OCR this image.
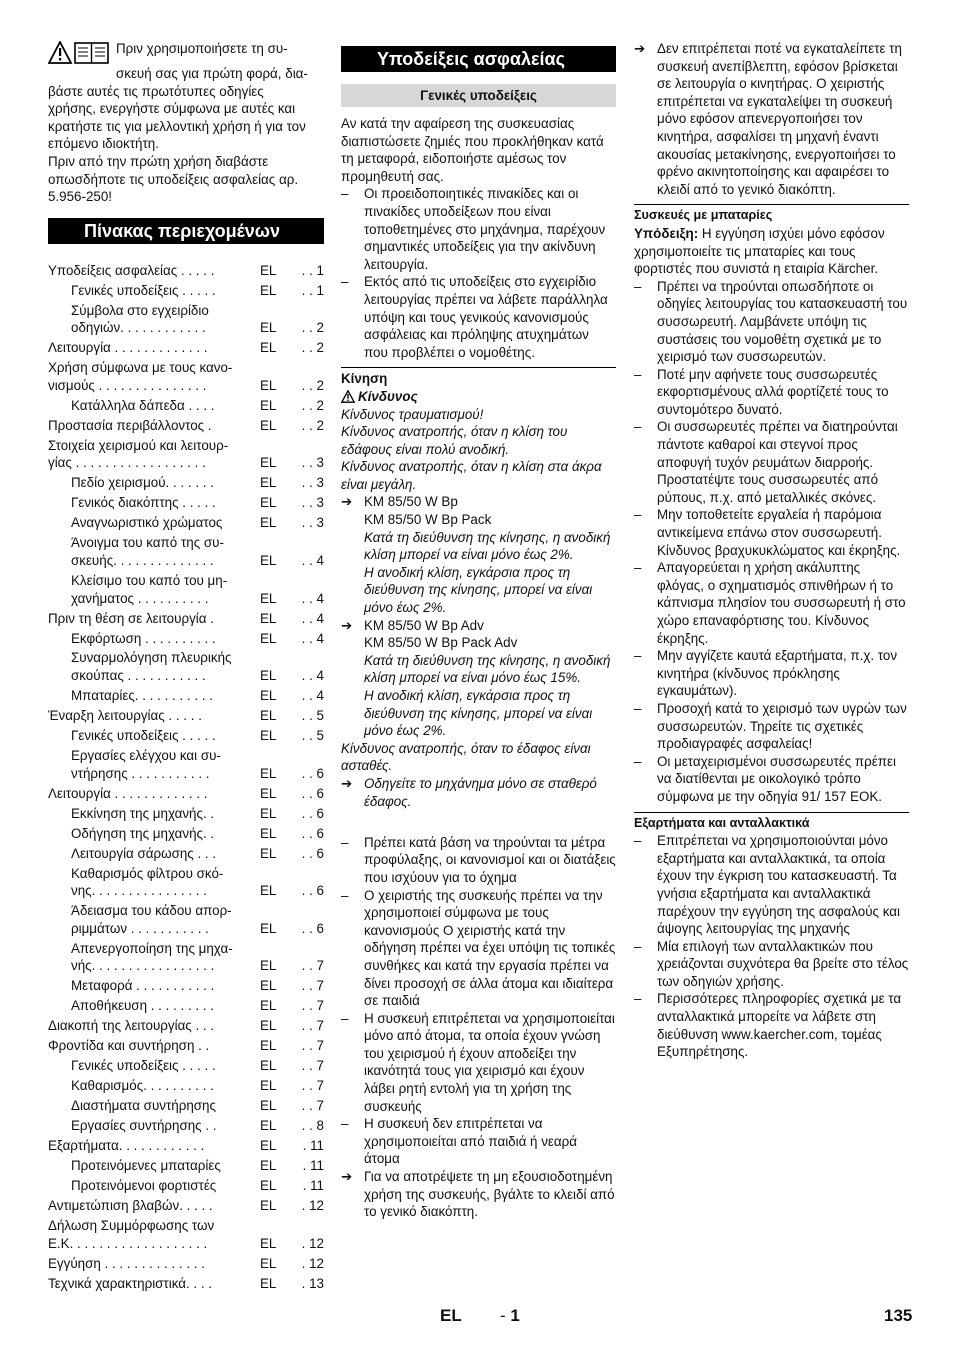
Πριν χρησιμοποιήσετε τη συ-

σκευή σας για πρώτη φορά, δια-

βάστε αυτές τις πρωτότυπες οδηγίες

χρήσης, ενεργήστε σύμφωνα με αυτές και

κρατήστε τις για μελλοντική χρήση ή για τον

επόμενο ιδιοκτήτη.

Πριν από την πρώτη χρήση διαβάστε

οπωσδήποτε τις υποδείξεις ασφαλείας αρ.

5.956-250!

Πίνακας περιεχομένων
Υποδείξεις ασφαλείας . . . . .	EL	. . 1
Γενικές υποδείξεις . . . . .	EL	. . 1
Σύμβολα στο εγχειρίδιο
οδηγιών. . . . . . . . . . . .	EL	. . 2
Λειτουργία . . . . . . . . . . . . .	EL	. . 2
Χρήση σύμφωνα με τους κανο-
νισμούς . . . . . . . . . . . . . . .	EL	. . 2
Κατάλληλα δάπεδα . . . .	EL	. . 2
Προστασία περιβάλλοντος .	EL	. . 2
Στοιχεία χειρισμού και λειτουρ-
γίας . . . . . . . . . . . . . . . . . .	EL	. . 3
Πεδίο χειρισμού. . . . . . .	EL	. . 3
Γενικός διακόπτης . . . . .	EL	. . 3
Αναγνωριστικό χρώματος	EL	. . 3
Άνοιγμα του καπό της συ-
σκευής. . . . . . . . . . . . . .	EL	. . 4
Κλείσιμο του καπό του μη-
χανήματος . . . . . . . . . .	EL	. . 4
Πριν τη θέση σε λειτουργία .	EL	. . 4
Εκφόρτωση . . . . . . . . . .	EL	. . 4
Συναρμολόγηση πλευρικής
σκούπας . . . . . . . . . . .	EL	. . 4
Μπαταρίες. . . . . . . . . . .	EL	. . 4
Έναρξη λειτουργίας . . . . .	EL	. . 5
Γενικές υποδείξεις . . . . .	EL	. . 5
Εργασίες ελέγχου και συ-
ντήρησης . . . . . . . . . . .	EL	. . 6
Λειτουργία . . . . . . . . . . . . .	EL	. . 6
Εκκίνηση της μηχανής. .	EL	. . 6
Οδήγηση της μηχανής. .	EL	. . 6
Λειτουργία σάρωσης . . .	EL	. . 6
Καθαρισμός φίλτρου σκό-
νης. . . . . . . . . . . . . . . .	EL	. . 6
Άδειασμα του κάδου απορ-
ριμμάτων . . . . . . . . . . .	EL	. . 6
Απενεργοποίηση της μηχα-
νής. . . . . . . . . . . . . . . . .	EL	. . 7
Μεταφορά . . . . . . . . . . .	EL	. . 7
Αποθήκευση . . . . . . . . .	EL	. . 7
Διακοπή της λειτουργίας . . .	EL	. . 7
Φροντίδα και συντήρηση . .	EL	. . 7
Γενικές υποδείξεις . . . . .	EL	. . 7
Καθαρισμός. . . . . . . . . .	EL	. . 7
Διαστήματα συντήρησης	EL	. . 7
Εργασίες συντήρησης . .	EL	. . 8
Εξαρτήματα. . . . . . . . . . . .	EL	. 11
Προτεινόμενες μπαταρίες	EL	. 11
Προτεινόμενοι φορτιστές	EL	. 11
Αντιμετώπιση βλαβών. . . . .	EL	. 12
Δήλωση Συμμόρφωσης των
Ε.Κ. . . . . . . . . . . . . . . . . . .	EL	. 12
Εγγύηση . . . . . . . . . . . . . .	EL	. 12
Τεχνικά χαρακτηριστικά. . . .	EL	. 13
Υποδείξεις ασφαλείας
Γενικές υποδείξεις

Αν κατά την αφαίρεση της συσκευασίας διαπιστώσετε ζημιές που προκλήθηκαν κατά τη μεταφορά, ειδοποιήστε αμέσως τον προμηθευτή σας.

– Οι προειδοποιητικές πινακίδες και οι πινακίδες υποδείξεων που είναι τοποθετημένες στο μηχάνημα, παρέχουν σημαντικές υποδείξεις για την ακίνδυνη λειτουργία.
– Εκτός από τις υποδείξεις στο εγχειρίδιο λειτουργίας πρέπει να λάβετε παράλληλα υπόψη και τους γενικούς κανονισμούς ασφάλειας και πρόληψης ατυχημάτων που προβλέπει ο νομοθέτης.

Κίνηση

Κίνδυνος

Κίνδυνος τραυματισμού!

Κίνδυνος ανατροπής, όταν η κλίση του εδάφους είναι πολύ ανοδική.

Κίνδυνος ανατροπής, όταν η κλίση στα άκρα είναι μεγάλη.

➔ KM 85/50 W Bp

KM 85/50 W Bp Pack

Κατά τη διεύθυνση της κίνησης, η ανοδική κλίση μπορεί να είναι μόνο έως 2%.

Η ανοδική κλίση, εγκάρσια προς τη διεύθυνση της κίνησης, μπορεί να είναι μόνο έως 2%.

➔ KM 85/50 W Bp Adv

KM 85/50 W Bp Pack Adv

Κατά τη διεύθυνση της κίνησης, η ανοδική κλίση μπορεί να είναι μόνο έως 15%.

Η ανοδική κλίση, εγκάρσια προς τη διεύθυνση της κίνησης, μπορεί να είναι μόνο έως 2%.

Κίνδυνος ανατροπής, όταν το έδαφος είναι ασταθές.

➔ Οδηγείτε το μηχάνημα μόνο σε σταθερό έδαφος.
– Πρέπει κατά βάση να τηρούνται τα μέτρα προφύλαξης, οι κανονισμοί και οι διατάξεις που ισχύουν για το όχημα
– Ο χειριστής της συσκευής πρέπει να την χρησιμοποιεί σύμφωνα με τους κανονισμούς Ο χειριστής κατά την οδήγηση πρέπει να έχει υπόψη τις τοπικές συνθήκες και κατά την εργασία πρέπει να δίνει προσοχή σε άλλα άτομα και ιδιαίτερα σε παιδιά
– Η συσκευή επιτρέπεται να χρησιμοποιείται μόνο από άτομα, τα οποία έχουν γνώση του χειρισμού ή έχουν αποδείξει την ικανότητά τους για χειρισμό και έχουν λάβει ρητή εντολή για τη χρήση της συσκευής
– Η συσκευή δεν επιτρέπεται να χρησιμοποιείται από παιδιά ή νεαρά άτομα
➔ Για να αποτρέψετε τη μη εξουσιοδοτημένη χρήση της συσκευής, βγάλτε το κλειδί από το γενικό διακόπτη.
➔ Δεν επιτρέπεται ποτέ να εγκαταλείπετε τη συσκευή ανεπίβλεπτη, εφόσον βρίσκεται σε λειτουργία ο κινητήρας. Ο χειριστής επιτρέπεται να εγκαταλείψει τη συσκευή μόνο εφόσον απενεργοποιήσει τον κινητήρα, ασφαλίσει τη μηχανή έναντι ακουσίας μετακίνησης, ενεργοποιήσει το φρένο ακινητοποίησης και αφαιρέσει το κλειδί από το γενικό διακόπτη.

Συσκευές με μπαταρίες

Υπόδειξη: Η εγγύηση ισχύει μόνο εφόσον χρησιμοποιείτε τις μπαταρίες και τους φορτιστές που συνιστά η εταιρία Kärcher.

– Πρέπει να τηρούνται οπωσδήποτε οι οδηγίες λειτουργίας του κατασκευαστή του συσσωρευτή. Λαμβάνετε υπόψη τις συστάσεις του νομοθέτη σχετικά με το χειρισμό των συσσωρευτών.
– Ποτέ μην αφήνετε τους συσσωρευτές εκφορτισμένους αλλά φορτίζετέ τους το συντομότερο δυνατό.
– Οι συσσωρευτές πρέπει να διατηρούνται πάντοτε καθαροί και στεγνοί προς αποφυγή τυχόν ρευμάτων διαρροής. Προστατέψτε τους συσσωρευτές από ρύπους, π.χ. από μεταλλικές σκόνες.
– Μην τοποθετείτε εργαλεία ή παρόμοια αντικείμενα επάνω στον συσσωρευτή. Κίνδυνος βραχυκυκλώματος και έκρηξης.
– Απαγορεύεται η χρήση ακάλυπτης φλόγας, ο σχηματισμός σπινθήρων ή το κάπνισμα πλησίον του συσσωρευτή ή στο χώρο επαναφόρτισης του. Κίνδυνος έκρηξης.
– Μην αγγίζετε καυτά εξαρτήματα, π.χ. τον κινητήρα (κίνδυνος πρόκλησης εγκαυμάτων).
– Προσοχή κατά το χειρισμό των υγρών των συσσωρευτών. Τηρείτε τις σχετικές προδιαγραφές ασφαλείας!
– Οι μεταχειρισμένοι συσσωρευτές πρέπει να διατίθενται με οικολογικό τρόπο σύμφωνα με την οδηγία 91/ 157 ΕΟΚ.

Εξαρτήματα και ανταλλακτικά

– Επιτρέπεται να χρησιμοποιούνται μόνο εξαρτήματα και ανταλλακτικά, τα οποία έχουν την έγκριση του κατασκευαστή. Τα γνήσια εξαρτήματα και ανταλλακτικά παρέχουν την εγγύηση της ασφαλούς και άψογης λειτουργίας της μηχανής
– Μία επιλογή των ανταλλακτικών που χρειάζονται συχνότερα θα βρείτε στο τέλος των οδηγιών χρήσης.
– Περισσότερες πληροφορίες σχετικά με τα ανταλλακτικά μπορείτε να λάβετε στη διεύθυνση www.kaercher.com, τομέας Εξυπηρέτησης.
EL - 1	135
